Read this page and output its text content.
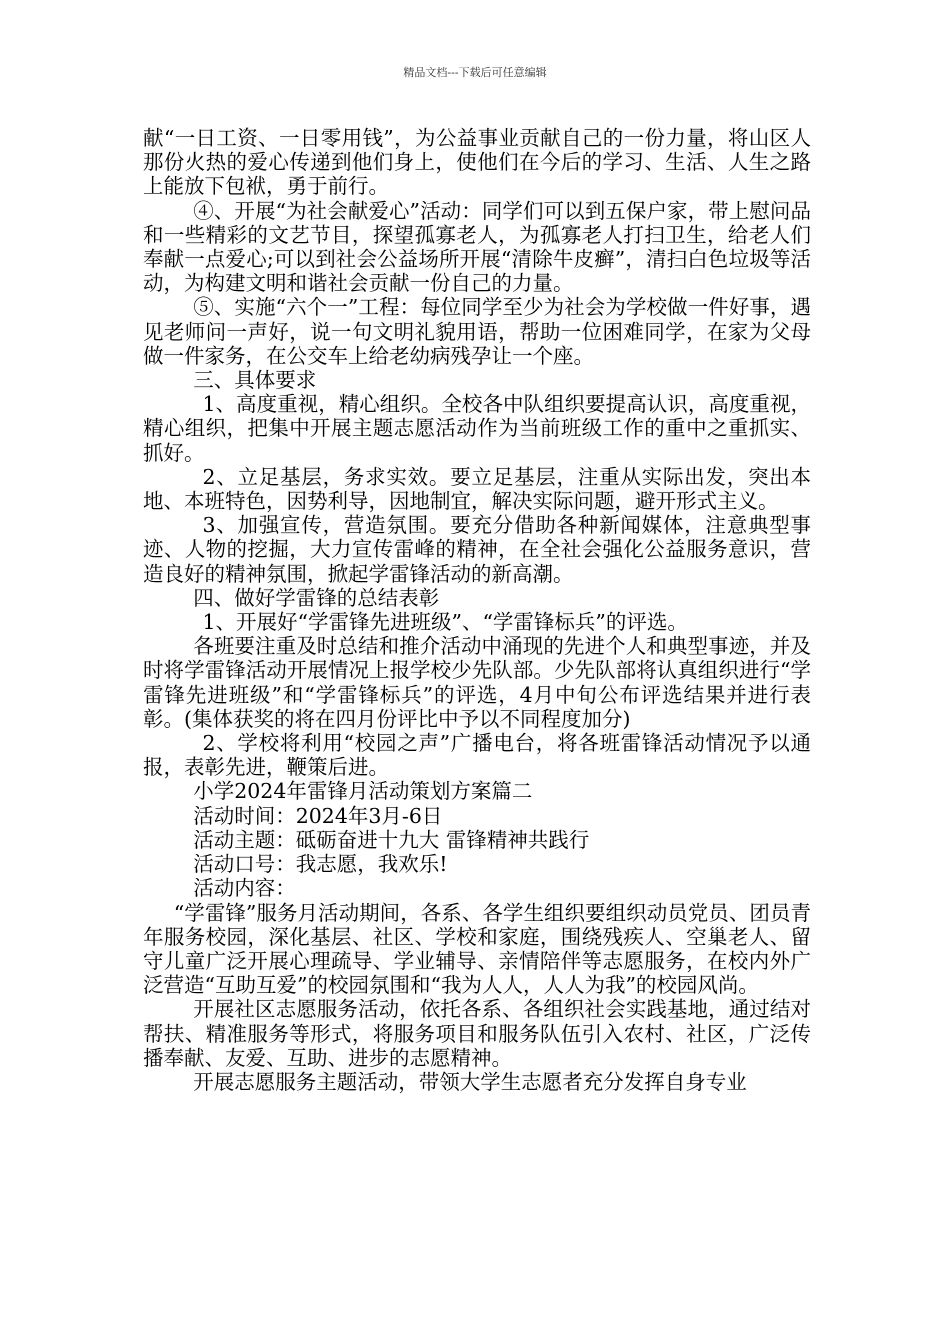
精品文档---下载后可任意编辑

献“一日工资、一日零用钱”，为公益事业贡献自己的一份力量，将山区人那份火热的爱心传递到他们身上，使他们在今后的学习、生活、人生之路上能放下包袱，勇于前行。

④、开展“为社会献爱心”活动：同学们可以到五保户家，带上慰问品和一些精彩的文艺节目，探望孤寡老人，为孤寡老人打扫卫生，给老人们奉献一点爱心;可以到社会公益场所开展“清除牛皮癣”，清扫白色垃圾等活动，为构建文明和谐社会贡献一份自己的力量。

⑤、实施“六个一”工程：每位同学至少为社会为学校做一件好事，遇见老师问一声好，说一句文明礼貌用语，帮助一位困难同学，在家为父母做一件家务，在公交车上给老幼病残孕让一个座。

三、具体要求

1、高度重视，精心组织。全校各中队组织要提高认识，高度重视，精心组织，把集中开展主题志愿活动作为当前班级工作的重中之重抓实、抓好。

2、立足基层，务求实效。要立足基层，注重从实际出发，突出本地、本班特色，因势利导，因地制宜，解决实际问题，避开形式主义。

3、加强宣传，营造氛围。要充分借助各种新闻媒体，注意典型事迹、人物的挖掘，大力宣传雷峰的精神，在全社会强化公益服务意识，营造良好的精神氛围，掀起学雷锋活动的新高潮。

四、做好学雷锋的总结表彰

1、开展好“学雷锋先进班级”、“学雷锋标兵”的评选。

各班要注重及时总结和推介活动中涌现的先进个人和典型事迹，并及时将学雷锋活动开展情况上报学校少先队部。少先队部将认真组织进行“学雷锋先进班级”和“学雷锋标兵”的评选，4月中旬公布评选结果并进行表彰。(集体获奖的将在四月份评比中予以不同程度加分)

2、学校将利用“校园之声”广播电台，将各班雷锋活动情况予以通报，表彰先进，鞭策后进。

小学2024年雷锋月活动策划方案篇二

活动时间：2024年3月-6日

活动主题：砥砺奋进十九大 雷锋精神共践行

活动口号：我志愿，我欢乐!

活动内容：

“学雷锋”服务月活动期间，各系、各学生组织要组织动员党员、团员青年服务校园，深化基层、社区、学校和家庭，围绕残疾人、空巢老人、留守儿童广泛开展心理疏导、学业辅导、亲情陪伴等志愿服务，在校内外广泛营造“互助互爱”的校园氛围和“我为人人，人人为我”的校园风尚。

开展社区志愿服务活动，依托各系、各组织社会实践基地，通过结对帮扶、精准服务等形式，将服务项目和服务队伍引入农村、社区，广泛传播奉献、友爱、互助、进步的志愿精神。

开展志愿服务主题活动，带领大学生志愿者充分发挥自身专业
